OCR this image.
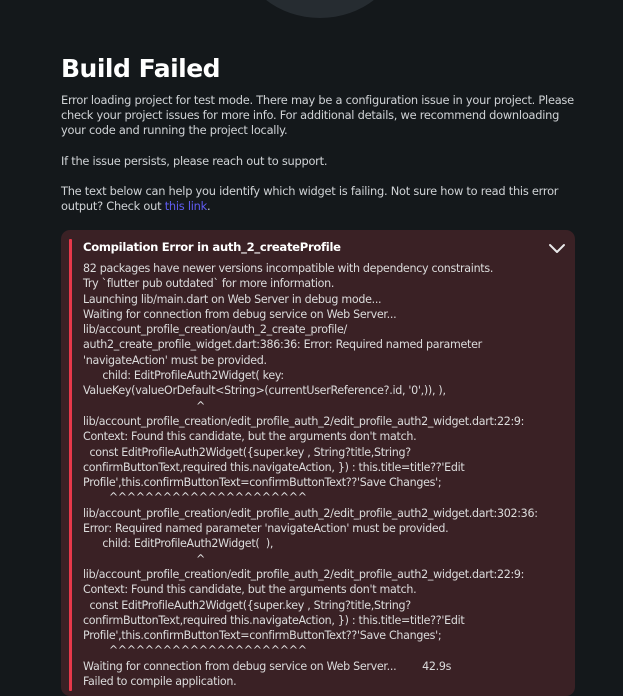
Build Failed

Error loading project for test mode. There may be a configuration issue in your project. Please check your project issues for more info. For additional details, we recommend downloading your code and running the project locally.

If the issue persists, please reach out to support.

The text below can help you identify which widget is failing. Not sure how to read this error output? Check out this link.

Compilation Error in auth_2_createProfile
82 packages have newer versions incompatible with dependency constraints.
Try `flutter pub outdated` for more information.
Launching lib/main.dart on Web Server in debug mode...
Waiting for connection from debug service on Web Server...
lib/account_profile_creation/auth_2_create_profile/
auth2_create_profile_widget.dart:386:36: Error: Required named parameter
'navigateAction' must be provided.
child: EditProfileAuth2Widget( key:
ValueKey(valueOrDefault<String>(currentUserReference?.id, '0',)), ),
^
lib/account_profile_creation/edit_profile_auth_2/edit_profile_auth2_widget.dart:22:9:
Context: Found this candidate, but the arguments don't match.
const EditProfileAuth2Widget({super.key , String?title,String?
confirmButtonText,required this.navigateAction, }) : this.title=title??'Edit
Profile',this.confirmButtonText=confirmButtonText??'Save Changes';
^^^^^^^^^^^^^^^^^^^^^^
lib/account_profile_creation/edit_profile_auth_2/edit_profile_auth2_widget.dart:302:36:
Error: Required named parameter 'navigateAction' must be provided.
child: EditProfileAuth2Widget(  ),
^
lib/account_profile_creation/edit_profile_auth_2/edit_profile_auth2_widget.dart:22:9:
Context: Found this candidate, but the arguments don't match.
const EditProfileAuth2Widget({super.key , String?title,String?
confirmButtonText,required this.navigateAction, }) : this.title=title??'Edit
Profile',this.confirmButtonText=confirmButtonText??'Save Changes';
^^^^^^^^^^^^^^^^^^^^^^
Waiting for connection from debug service on Web Server...        42.9s
Failed to compile application.
